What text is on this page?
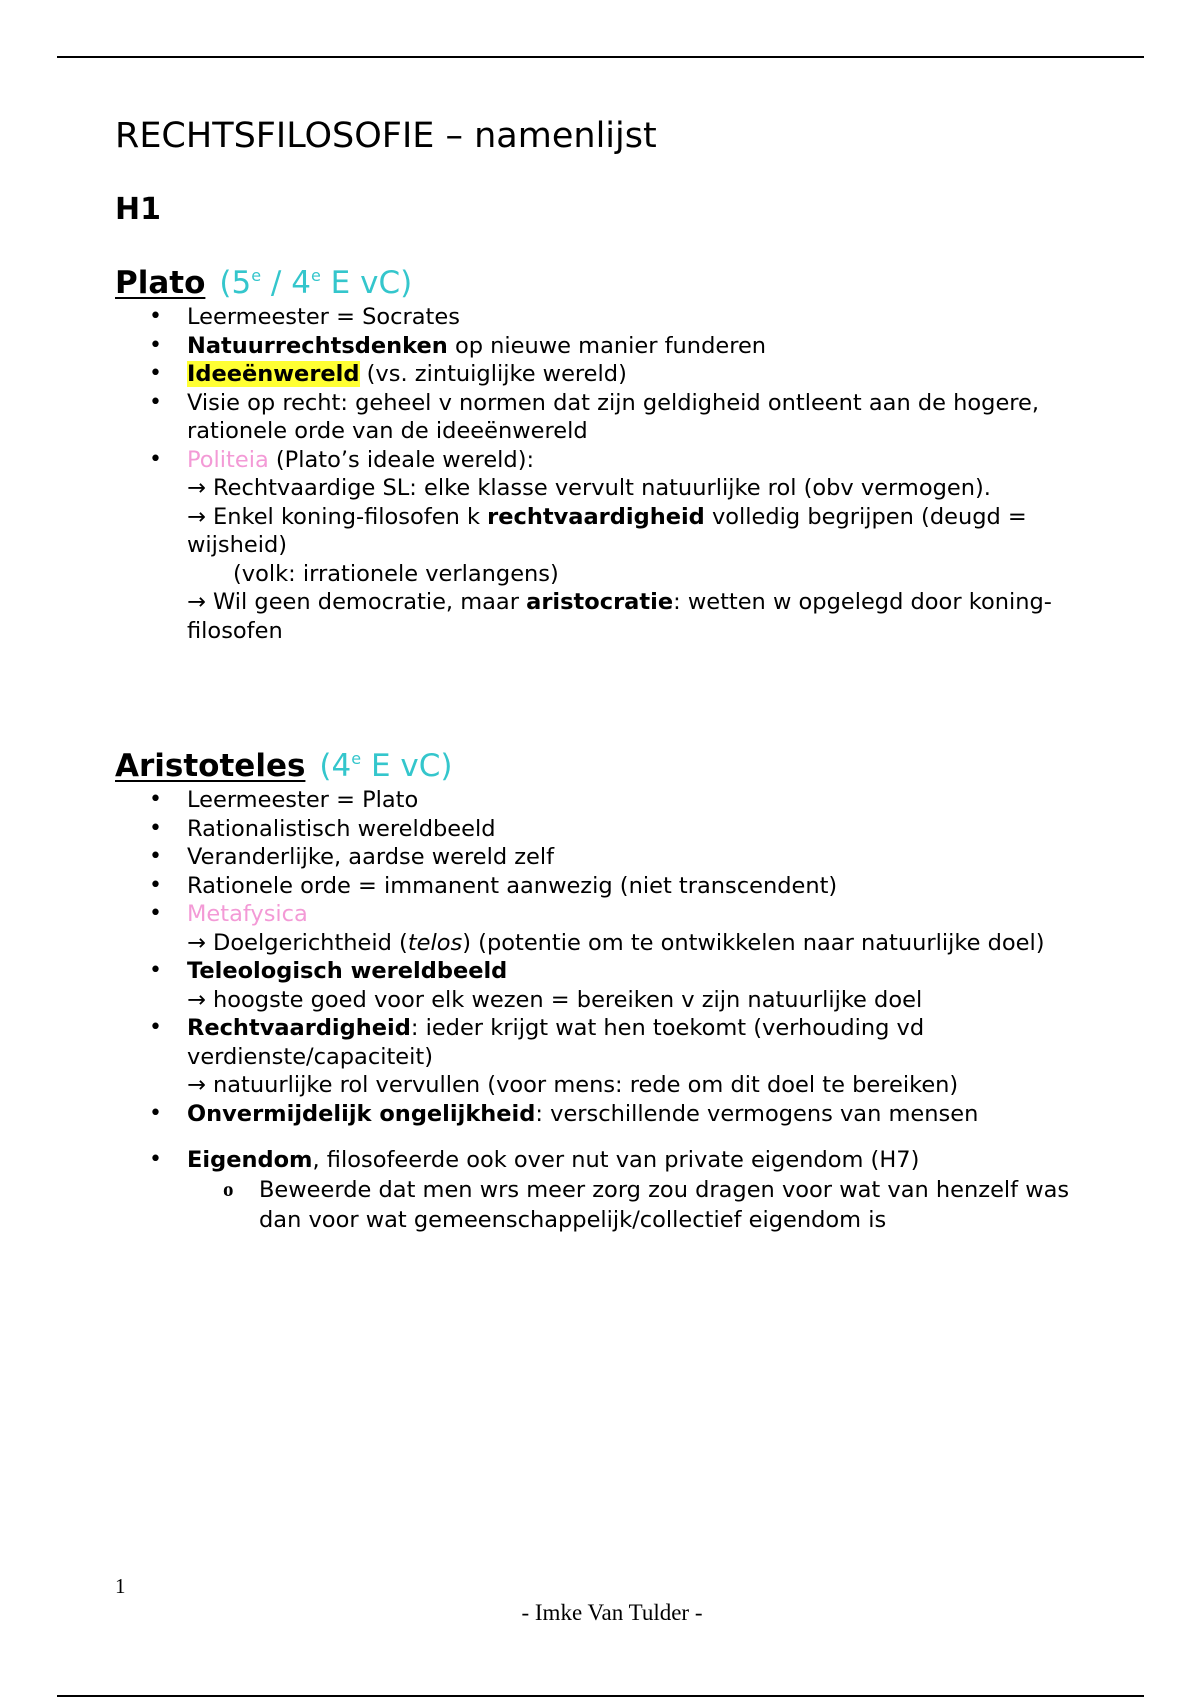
RECHTSFILOSOFIE – namenlijst
H1
Plato (5e / 4e E vC)
• Leermeester = Socrates
• Natuurrechtsdenken op nieuwe manier funderen
• Ideeënwereld (vs. zintuiglijke wereld)
• Visie op recht: geheel v normen dat zijn geldigheid ontleent aan de hogere, rationele orde van de ideeënwereld
• Politeia (Plato’s ideale wereld):
→ Rechtvaardige SL: elke klasse vervult natuurlijke rol (obv vermogen).
→ Enkel koning-filosofen k rechtvaardigheid volledig begrijpen (deugd = wijsheid)
(volk: irrationele verlangens)
→ Wil geen democratie, maar aristocratie: wetten w opgelegd door koning-filosofen
Aristoteles (4e E vC)
• Leermeester = Plato
• Rationalistisch wereldbeeld
• Veranderlijke, aardse wereld zelf
• Rationele orde = immanent aanwezig (niet transcendent)
• Metafysica
→ Doelgerichtheid (telos) (potentie om te ontwikkelen naar natuurlijke doel)
• Teleologisch wereldbeeld
→ hoogste goed voor elk wezen = bereiken v zijn natuurlijke doel
• Rechtvaardigheid: ieder krijgt wat hen toekomt (verhouding vd verdienste/capaciteit)
→ natuurlijke rol vervullen (voor mens: rede om dit doel te bereiken)
• Onvermijdelijk ongelijkheid: verschillende vermogens van mensen
• Eigendom, filosofeerde ook over nut van private eigendom (H7)
o Beweerde dat men wrs meer zorg zou dragen voor wat van henzelf was dan voor wat gemeenschappelijk/collectief eigendom is
1
- Imke Van Tulder -
